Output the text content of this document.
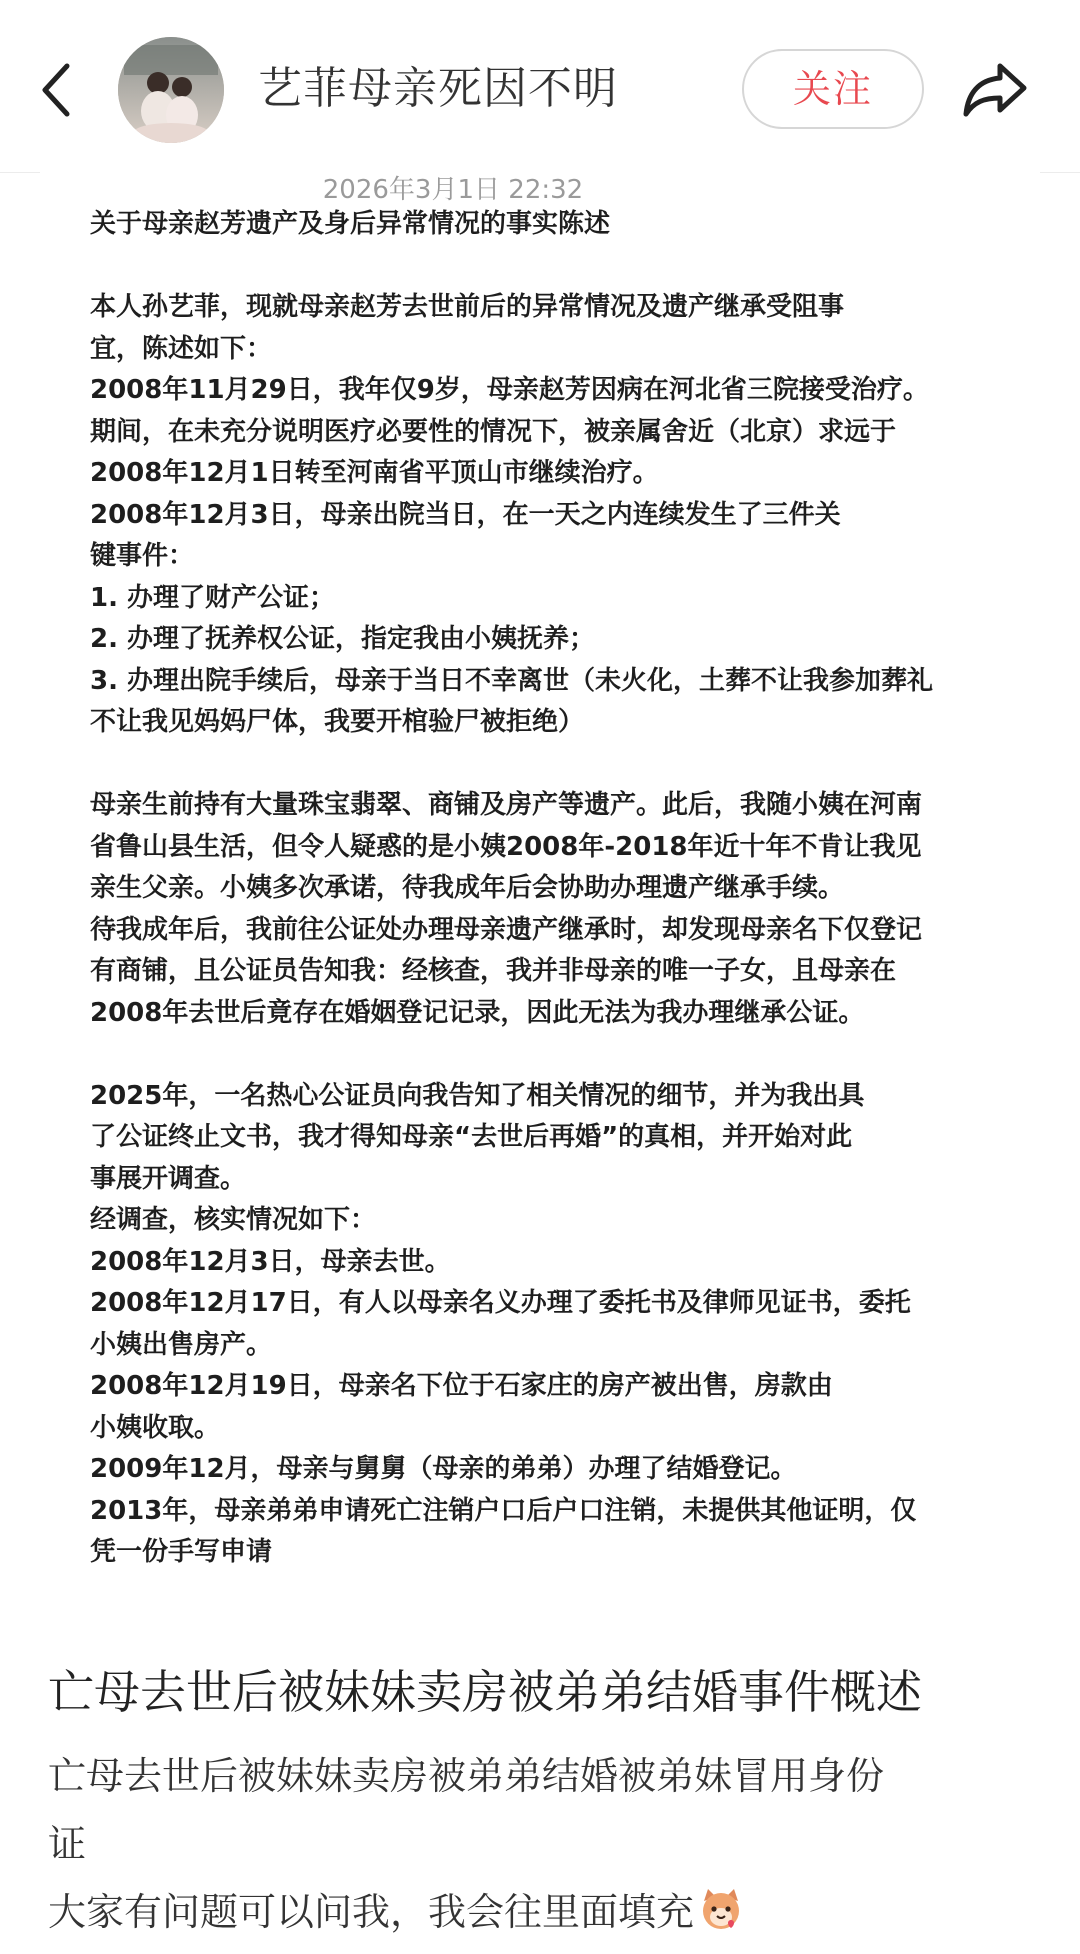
艺菲母亲死因不明	关注
2026年3月1日 22:32
关于母亲赵芳遗产及身后异常情况的事实陈述
本人孙艺菲，现就母亲赵芳去世前后的异常情况及遗产继承受阻事
宜，陈述如下：
2008年11月29日，我年仅9岁，母亲赵芳因病在河北省三院接受治疗。
期间，在未充分说明医疗必要性的情况下，被亲属舍近（北京）求远于
2008年12月1日转至河南省平顶山市继续治疗。
2008年12月3日，母亲出院当日，在一天之内连续发生了三件关
键事件：
1. 办理了财产公证；
2. 办理了抚养权公证，指定我由小姨抚养；
3. 办理出院手续后，母亲于当日不幸离世（未火化，土葬不让我参加葬礼
不让我见妈妈尸体，我要开棺验尸被拒绝）
母亲生前持有大量珠宝翡翠、商铺及房产等遗产。此后，我随小姨在河南
省鲁山县生活，但令人疑惑的是小姨2008年-2018年近十年不肯让我见
亲生父亲。小姨多次承诺，待我成年后会协助办理遗产继承手续。
待我成年后，我前往公证处办理母亲遗产继承时，却发现母亲名下仅登记
有商铺，且公证员告知我：经核查，我并非母亲的唯一子女，且母亲在
2008年去世后竟存在婚姻登记记录，因此无法为我办理继承公证。
2025年，一名热心公证员向我告知了相关情况的细节，并为我出具
了公证终止文书，我才得知母亲“去世后再婚”的真相，并开始对此
事展开调查。
经调查，核实情况如下：
2008年12月3日，母亲去世。
2008年12月17日，有人以母亲名义办理了委托书及律师见证书，委托
小姨出售房产。
2008年12月19日，母亲名下位于石家庄的房产被出售，房款由
小姨收取。
2009年12月，母亲与舅舅（母亲的弟弟）办理了结婚登记。
2013年，母亲弟弟申请死亡注销户口后户口注销，未提供其他证明，仅
凭一份手写申请
亡母去世后被妹妹卖房被弟弟结婚事件概述

亡母去世后被妹妹卖房被弟弟结婚被弟妹冒用身份

证

大家有问题可以问我，我会往里面填充
